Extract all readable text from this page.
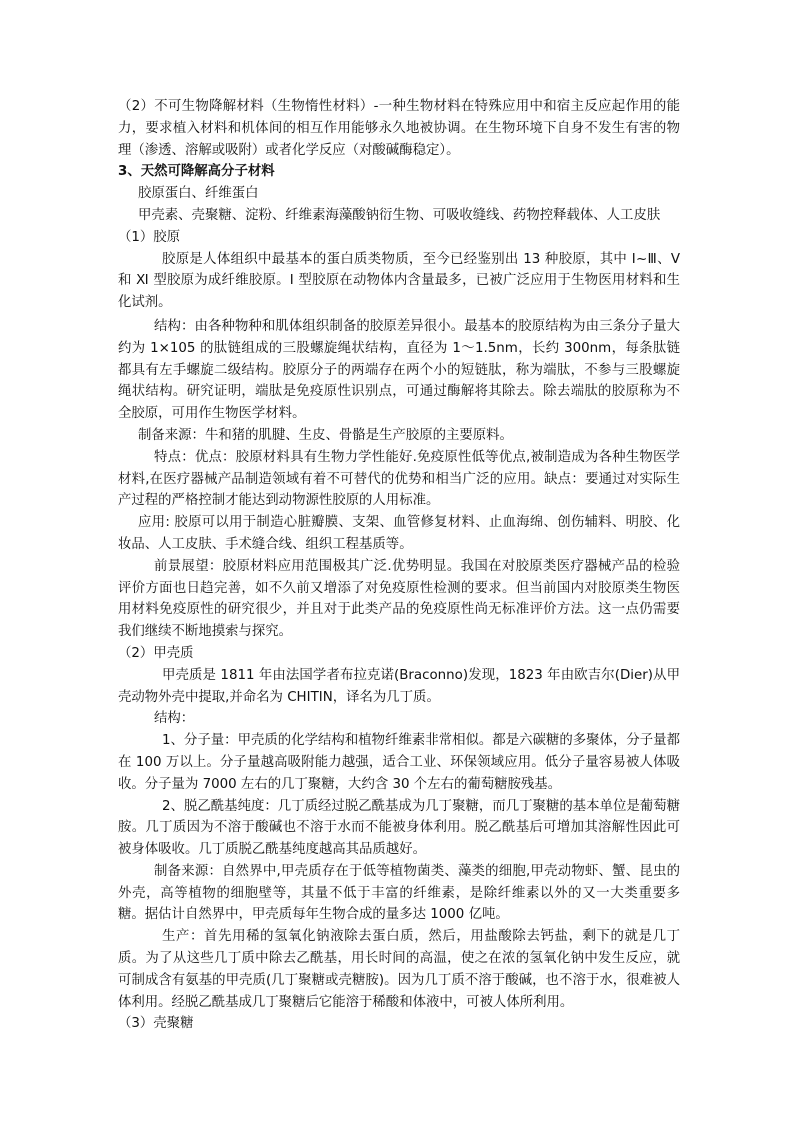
（2）不可生物降解材料（生物惰性材料）-一种生物材料在特殊应用中和宿主反应起作用的能力，要求植入材料和机体间的相互作用能够永久地被协调。在生物环境下自身不发生有害的物理（渗透、溶解或吸附）或者化学反应（对酸碱酶稳定）。

3、天然可降解高分子材料

胶原蛋白、纤维蛋白

甲壳素、壳聚糖、淀粉、纤维素海藻酸钠衍生物、可吸收缝线、药物控释载体、人工皮肤

（1）胶原

胶原是人体组织中最基本的蛋白质类物质，至今已经鉴别出 13 种胶原，其中 Ⅰ~Ⅲ、Ⅴ和 Ⅺ 型胶原为成纤维胶原。Ⅰ 型胶原在动物体内含量最多，已被广泛应用于生物医用材料和生化试剂。

结构：由各种物种和肌体组织制备的胶原差异很小。最基本的胶原结构为由三条分子量大约为 1×105 的肽链组成的三股螺旋绳状结构，直径为 1～1.5nm，长约 300nm，每条肽链都具有左手螺旋二级结构。胶原分子的两端存在两个小的短链肽，称为端肽，不参与三股螺旋绳状结构。研究证明，端肽是免疫原性识别点，可通过酶解将其除去。除去端肽的胶原称为不全胶原，可用作生物医学材料。

制备来源：牛和猪的肌腱、生皮、骨骼是生产胶原的主要原料。

特点：优点：胶原材料具有生物力学性能好.免疫原性低等优点,被制造成为各种生物医学材料,在医疗器械产品制造领域有着不可替代的优势和相当广泛的应用。缺点：要通过对实际生产过程的严格控制才能达到动物源性胶原的人用标准。

应用: 胶原可以用于制造心脏瓣膜、支架、血管修复材料、止血海绵、创伤辅料、明胶、化妆品、人工皮肤、手术缝合线、组织工程基质等。

前景展望：胶原材料应用范围极其广泛.优势明显。我国在对胶原类医疗器械产品的检验评价方面也日趋完善，如不久前又增添了对免疫原性检测的要求。但当前国内对胶原类生物医用材料免疫原性的研究很少，并且对于此类产品的免疫原性尚无标准评价方法。这一点仍需要我们继续不断地摸索与探究。

（2）甲壳质

甲壳质是 1811 年由法国学者布拉克诺(Braconno)发现，1823 年由欧吉尔(Dier)从甲壳动物外壳中提取,并命名为 CHITIN，译名为几丁质。

结构：

1、分子量：甲壳质的化学结构和植物纤维素非常相似。都是六碳糖的多聚体，分子量都在 100 万以上。分子量越高吸附能力越强，适合工业、环保领域应用。低分子量容易被人体吸收。分子量为 7000 左右的几丁聚糖，大约含 30 个左右的葡萄糖胺残基。

2、脱乙酰基纯度：几丁质经过脱乙酰基成为几丁聚糖，而几丁聚糖的基本单位是葡萄糖胺。几丁质因为不溶于酸碱也不溶于水而不能被身体利用。脱乙酰基后可增加其溶解性因此可被身体吸收。几丁质脱乙酰基纯度越高其品质越好。

制备来源：自然界中,甲壳质存在于低等植物菌类、藻类的细胞,甲壳动物虾、蟹、昆虫的外壳，高等植物的细胞壁等，其量不低于丰富的纤维素，是除纤维素以外的又一大类重要多糖。据估计自然界中，甲壳质每年生物合成的量多达 1000 亿吨。

生产：首先用稀的氢氧化钠液除去蛋白质，然后，用盐酸除去钙盐，剩下的就是几丁质。为了从这些几丁质中除去乙酰基，用长时间的高温，使之在浓的氢氧化钠中发生反应，就可制成含有氨基的甲壳质(几丁聚糖或壳糖胺)。因为几丁质不溶于酸碱，也不溶于水，很难被人体利用。经脱乙酰基成几丁聚糖后它能溶于稀酸和体液中，可被人体所利用。

（3）壳聚糖
